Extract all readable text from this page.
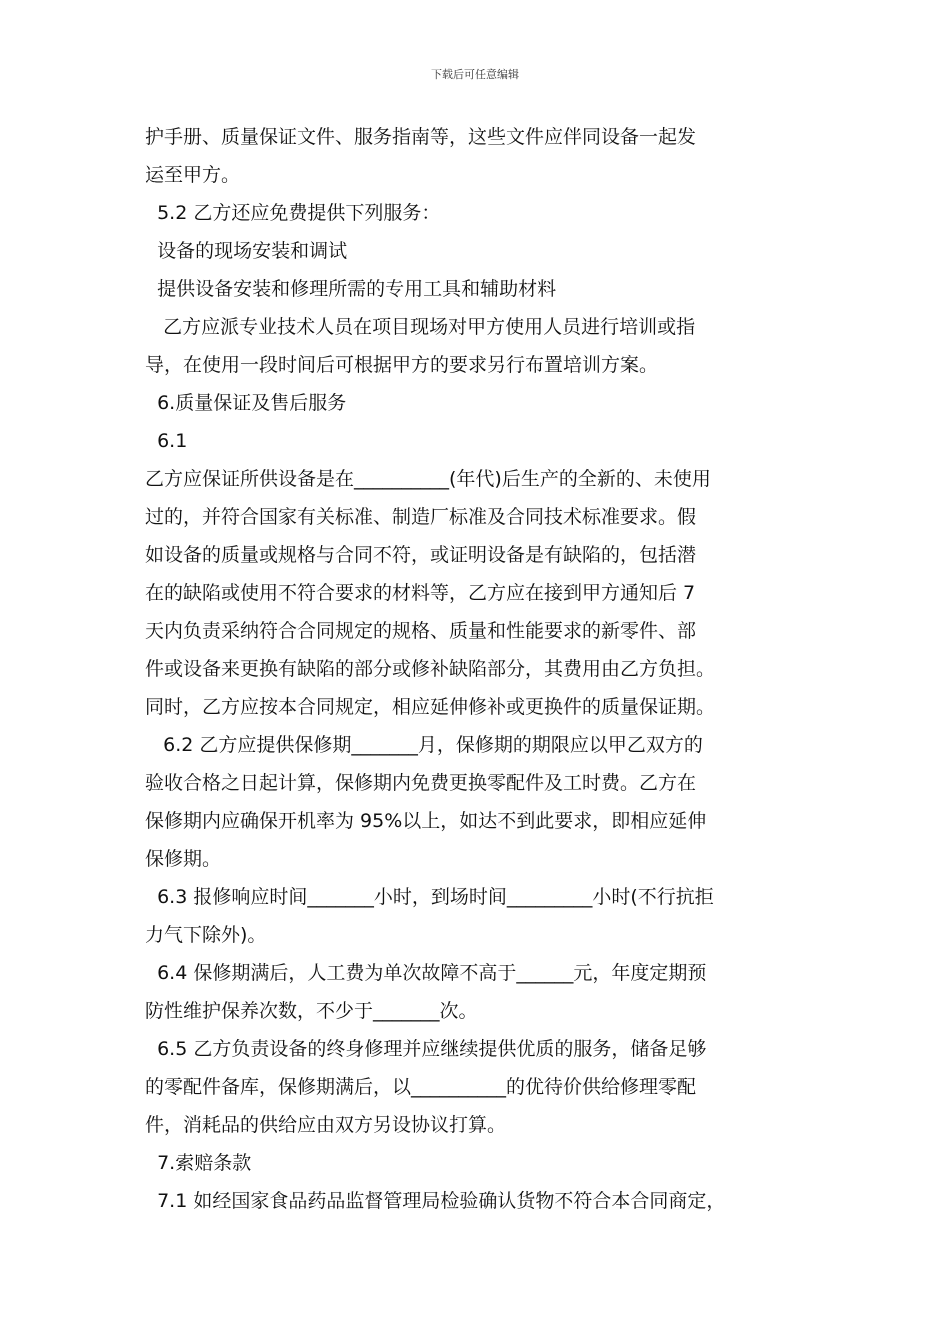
下载后可任意编辑

护手册、质量保证文件、服务指南等，这些文件应伴同设备一起发

运至甲方。

5.2 乙方还应免费提供下列服务：

设备的现场安装和调试

提供设备安装和修理所需的专用工具和辅助材料

乙方应派专业技术人员在项目现场对甲方使用人员进行培训或指

导，在使用一段时间后可根据甲方的要求另行布置培训方案。

6.质量保证及售后服务

6.1

乙方应保证所供设备是在__________(年代)后生产的全新的、未使用

过的，并符合国家有关标准、制造厂标准及合同技术标准要求。假

如设备的质量或规格与合同不符，或证明设备是有缺陷的，包括潜

在的缺陷或使用不符合要求的材料等，乙方应在接到甲方通知后 7

天内负责采纳符合合同规定的规格、质量和性能要求的新零件、部

件或设备来更换有缺陷的部分或修补缺陷部分，其费用由乙方负担。

同时，乙方应按本合同规定，相应延伸修补或更换件的质量保证期。

6.2 乙方应提供保修期_______月，保修期的期限应以甲乙双方的

验收合格之日起计算，保修期内免费更换零配件及工时费。乙方在

保修期内应确保开机率为 95%以上，如达不到此要求，即相应延伸

保修期。

6.3 报修响应时间_______小时，到场时间_________小时(不行抗拒

力气下除外)。

6.4 保修期满后，人工费为单次故障不高于______元，年度定期预

防性维护保养次数，不少于_______次。

6.5 乙方负责设备的终身修理并应继续提供优质的服务，储备足够

的零配件备库，保修期满后，以__________的优待价供给修理零配

件，消耗品的供给应由双方另设协议打算。

7.索赔条款

7.1 如经国家食品药品监督管理局检验确认货物不符合本合同商定，
